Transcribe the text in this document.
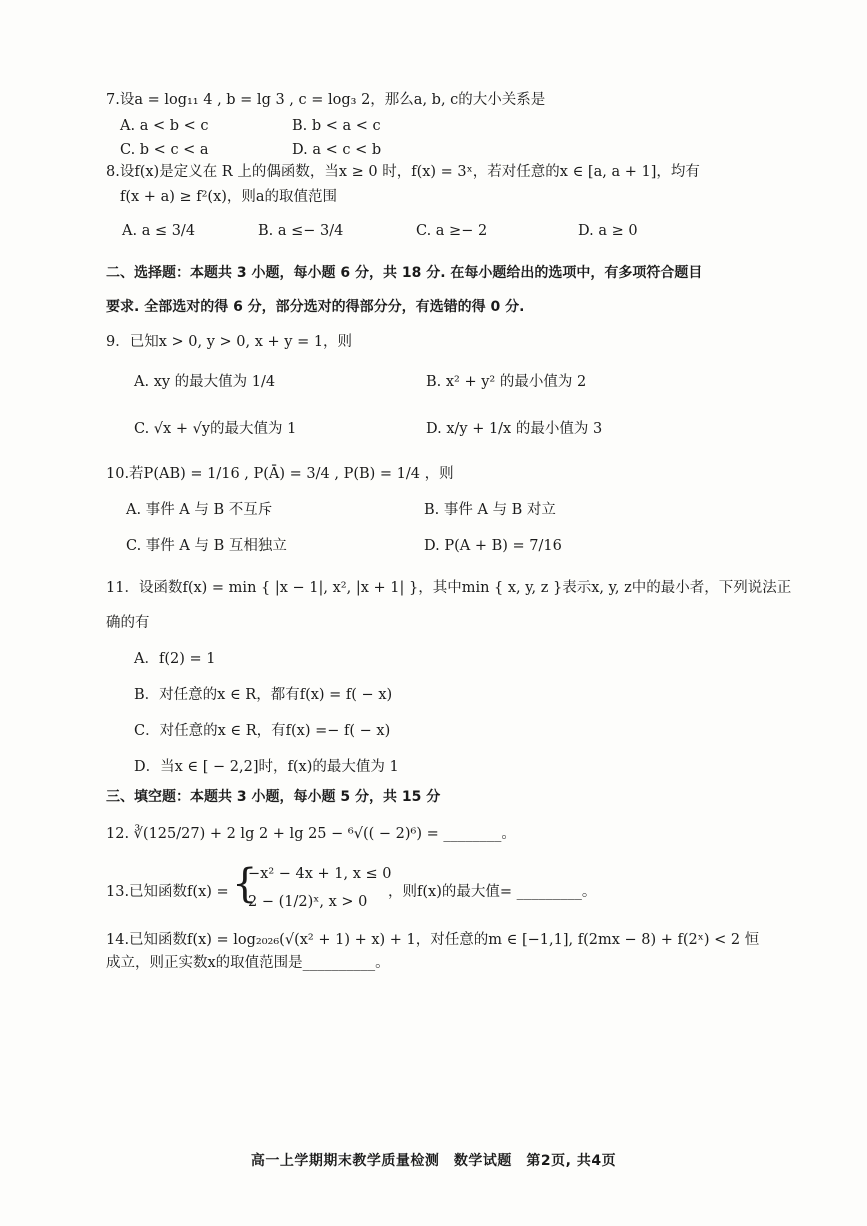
7.设a = log₁₁ 4 , b = lg 3 , c = log₃ 2，那么a, b, c的大小关系是
A. a < b < c	B. b < a < c
C. b < c < a	D. a < c < b
8.设f(x)是定义在 R 上的偶函数，当x ≥ 0 时，f(x) = 3ˣ，若对任意的x ∈ [a, a + 1]，均有
f(x + a) ≥ f²(x)，则a的取值范围
A. a ≤ 3/4	B. a ≤− 3/4	C. a ≥− 2	D. a ≥ 0
二、选择题：本题共 3 小题，每小题 6 分，共 18 分. 在每小题给出的选项中，有多项符合题目
要求. 全部选对的得 6 分，部分选对的得部分分，有选错的得 0 分.
9．已知x > 0, y > 0, x + y = 1，则
A. xy 的最大值为 1/4	B. x² + y² 的最小值为 2
C. √x + √y的最大值为 1	D. x/y + 1/x 的最小值为 3
10.若P(AB) = 1/16 , P(Ā) = 3/4 , P(B) = 1/4 ，则
A. 事件 A 与 B 不互斥	B. 事件 A 与 B 对立
C. 事件 A 与 B 互相独立	D. P(A + B) = 7/16
11．设函数f(x) = min { |x − 1|, x², |x + 1| }，其中min { x, y, z }表示x, y, z中的最小者，下列说法正
确的有
A．f(2) = 1
B．对任意的x ∈ R，都有f(x) = f( − x)
C．对任意的x ∈ R，有f(x) =− f( − x)
D．当x ∈ [ − 2,2]时，f(x)的最大值为 1
三、填空题：本题共 3 小题，每小题 5 分，共 15 分
12. ∛(125/27) + 2 lg 2 + lg 25 − ⁶√(( − 2)⁶) = ________。
13.已知函数f(x) = {
−x² − 4x + 1, x ≤ 0
2 − (1/2)ˣ, x > 0
，则f(x)的最大值= _________。
14.已知函数f(x) = log₂₀₂₆(√(x² + 1) + x) + 1，对任意的m ∈ [−1,1], f(2mx − 8) + f(2ˣ) < 2 恒
成立，则正实数x的取值范围是__________。
高一上学期期末教学质量检测　数学试题　第2页, 共4页
